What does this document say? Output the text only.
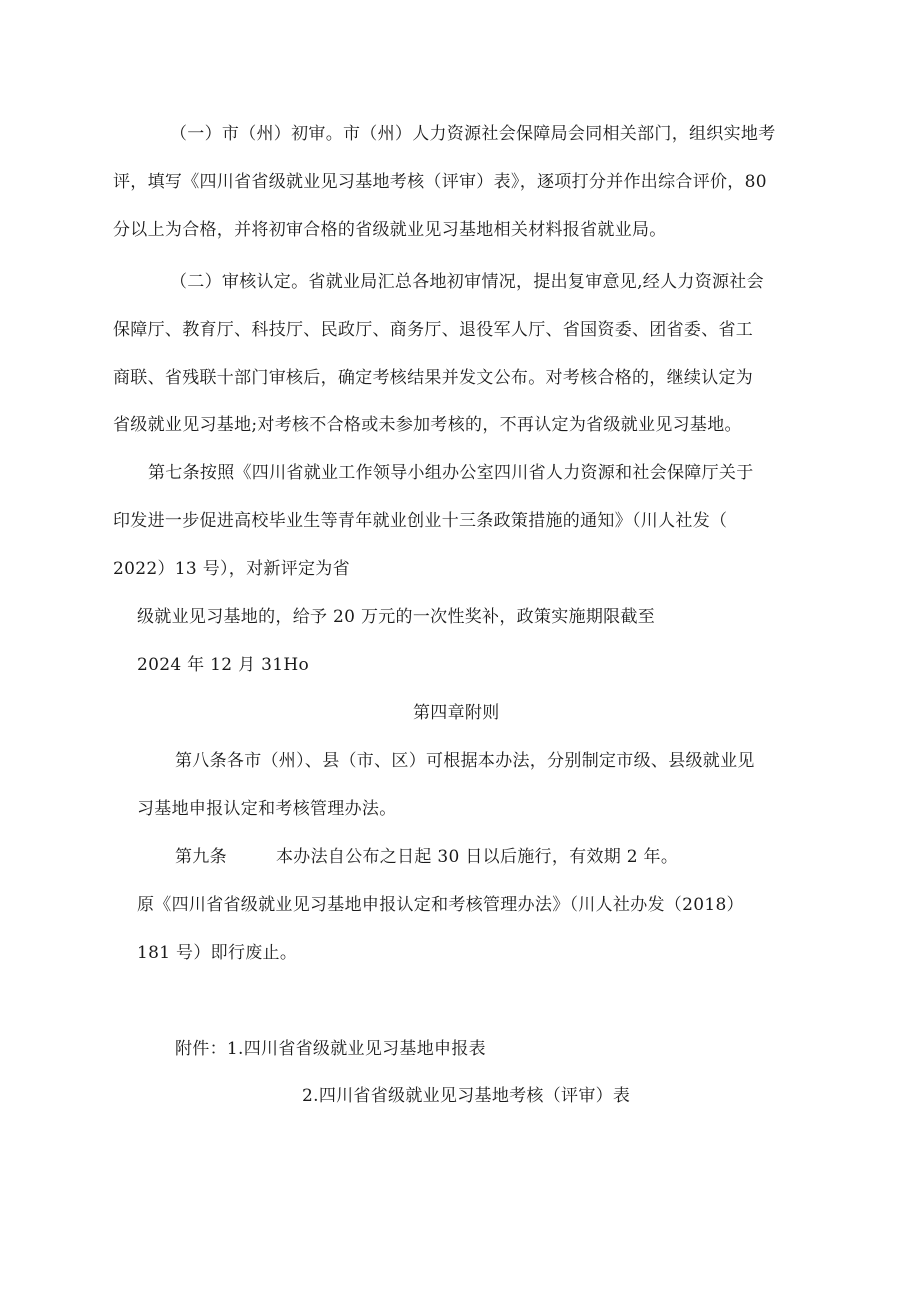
（一）市（州）初审。市（州）人力资源社会保障局会同相关部门，组织实地考
评，填写《四川省省级就业见习基地考核（评审）表》，逐项打分并作出综合评价，80
分以上为合格，并将初审合格的省级就业见习基地相关材料报省就业局。
（二）审核认定。省就业局汇总各地初审情况，提出复审意见,经人力资源社会
保障厅、教育厅、科技厅、民政厅、商务厅、退役军人厅、省国资委、团省委、省工
商联、省残联十部门审核后，确定考核结果并发文公布。对考核合格的，继续认定为
省级就业见习基地;对考核不合格或未参加考核的，不再认定为省级就业见习基地。
第七条按照《四川省就业工作领导小组办公室四川省人力资源和社会保障厅关于
印发进一步促进高校毕业生等青年就业创业十三条政策措施的通知》（川人社发（
2022）13 号），对新评定为省
级就业见习基地的，给予 20 万元的一次性奖补，政策实施期限截至
2024 年 12 月 31Ho
第四章附则
第八条各市（州）、县（市、区）可根据本办法，分别制定市级、县级就业见
习基地申报认定和考核管理办法。
第九条	本办法自公布之日起 30 日以后施行，有效期 2 年。
原《四川省省级就业见习基地申报认定和考核管理办法》（川人社办发（2018）
181 号）即行废止。
附件：1.四川省省级就业见习基地申报表
2.四川省省级就业见习基地考核（评审）表
